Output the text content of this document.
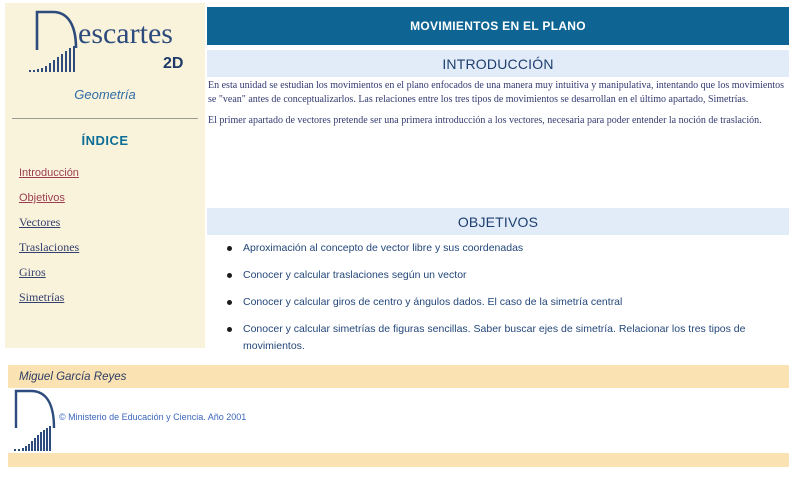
escartes
2D
Geometría
ÍNDICE
Introducción
Objetivos
Vectores
Traslaciones
Giros
Simetrías
MOVIMIENTOS EN EL PLANO
INTRODUCCIÓN

En esta unidad se estudian los movimientos en el plano enfocados de una manera muy intuitiva y manipulativa, intentando que los movimientos se "vean" antes de conceptualizarlos. Las relaciones entre los tres tipos de movimientos se desarrollan en el último apartado, Simetrías.

El primer apartado de vectores pretende ser una primera introducción a los vectores, necesaria para poder entender la noción de traslación.

OBJETIVOS
Aproximación al concepto de vector libre y sus coordenadas
Conocer y calcular traslaciones según un vector
Conocer y calcular giros de centro y ángulos dados. El caso de la simetría central
Conocer y calcular simetrías de figuras sencillas. Saber buscar ejes de simetría. Relacionar los tres tipos de movimientos.
Miguel García Reyes
© Ministerio de Educación y Ciencia. Año 2001
